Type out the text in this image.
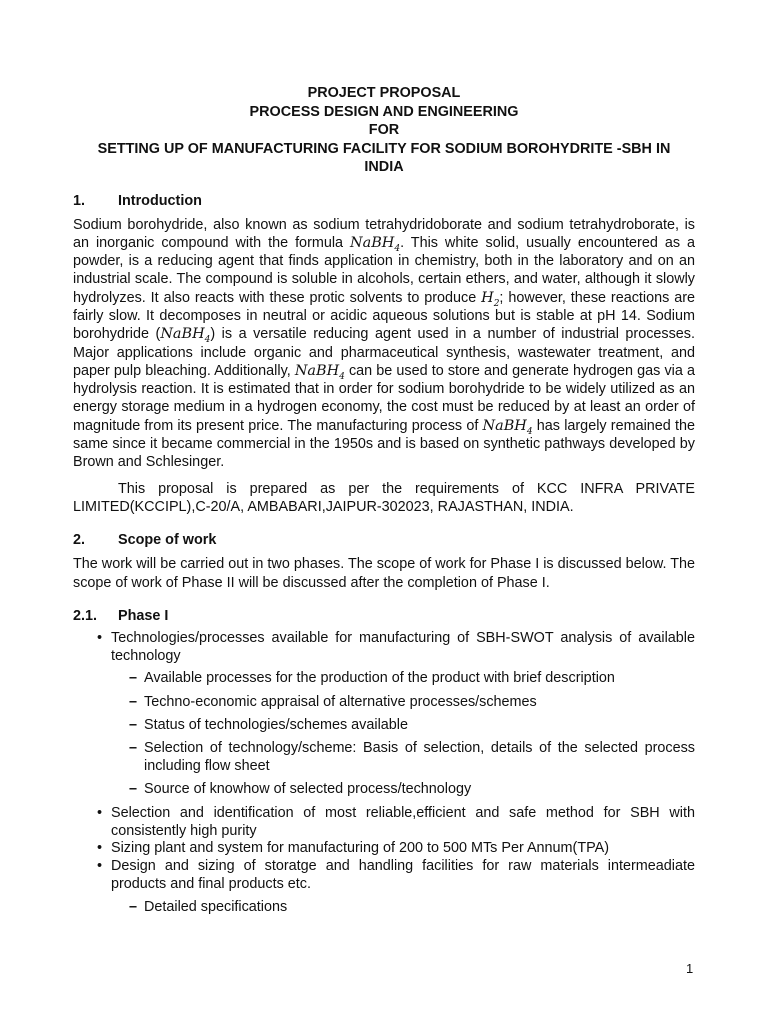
PROJECT PROPOSAL
PROCESS DESIGN AND ENGINEERING
FOR
SETTING UP OF MANUFACTURING FACILITY FOR SODIUM BOROHYDRITE -SBH IN
INDIA
1. Introduction

Sodium borohydride, also known as sodium tetrahydridoborate and sodium tetrahydroborate, is an inorganic compound with the formula NaBH$_4$. This white solid, usually encountered as a powder, is a reducing agent that finds application in chemistry, both in the laboratory and on an industrial scale. The compound is soluble in alcohols, certain ethers, and water, although it slowly hydrolyzes. It also reacts with these protic solvents to produce $H_2$; however, these reactions are fairly slow. It decomposes in neutral or acidic aqueous solutions but is stable at pH 14. Sodium borohydride (NaBH$_4$) is a versatile reducing agent used in a number of industrial processes. Major applications include organic and pharmaceutical synthesis, wastewater treatment, and paper pulp bleaching. Additionally, NaBH$_4$ can be used to store and generate hydrogen gas via a hydrolysis reaction. It is estimated that in order for sodium borohydride to be widely utilized as an energy storage medium in a hydrogen economy, the cost must be reduced by at least an order of magnitude from its present price. The manufacturing process of NaBH$_4$ has largely remained the same since it became commercial in the 1950s and is based on synthetic pathways developed by Brown and Schlesinger.

This proposal is prepared as per the requirements of KCC INFRA PRIVATE LIMITED(KCCIPL),C-20/A, AMBABARI,JAIPUR-302023, RAJASTHAN, INDIA.

2. Scope of work

The work will be carried out in two phases. The scope of work for Phase I is discussed below. The scope of work of Phase II will be discussed after the completion of Phase I.

2.1. Phase I
• Technologies/processes available for manufacturing of SBH-SWOT analysis of available technology
– Available processes for the production of the product with brief description
– Techno-economic appraisal of alternative processes/schemes
– Status of technologies/schemes available
– Selection of technology/scheme: Basis of selection, details of the selected process including flow sheet
– Source of knowhow of selected process/technology
• Selection and identification of most reliable,efficient and safe method for SBH with consistently high purity
• Sizing plant and system for manufacturing of 200 to 500 MTs Per Annum(TPA)
• Design and sizing of storatge and handling facilities for raw materials intermeadiate products and final products etc.
– Detailed specifications
1
